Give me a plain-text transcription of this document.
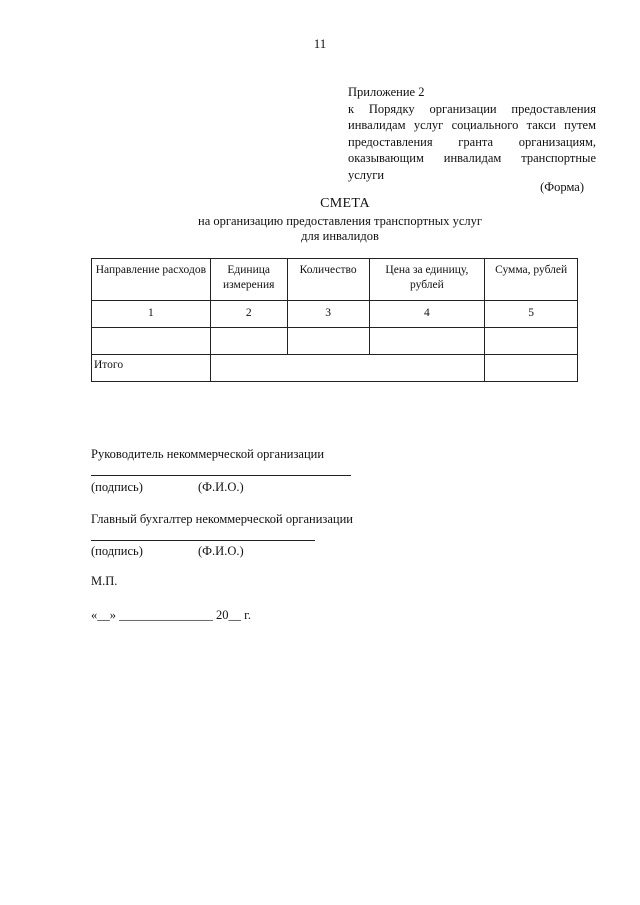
11
Приложение 2
к Порядку организации предоставления инвалидам услуг социального такси путем предоставления гранта организациям, оказывающим инвалидам транспортные услуги
(Форма)
СМЕТА
на организацию предоставления транспортных услуг
для инвалидов
Направление расходов	Единица измерения	Количество	Цена за единицу, рублей	Сумма, рублей
1	2	3	4	5

Итого				
Руководитель некоммерческой организации
(подпись)	(Ф.И.О.)
Главный бухгалтер некоммерческой организации
(подпись)	(Ф.И.О.)
М.П.
«__» _______________ 20__ г.
